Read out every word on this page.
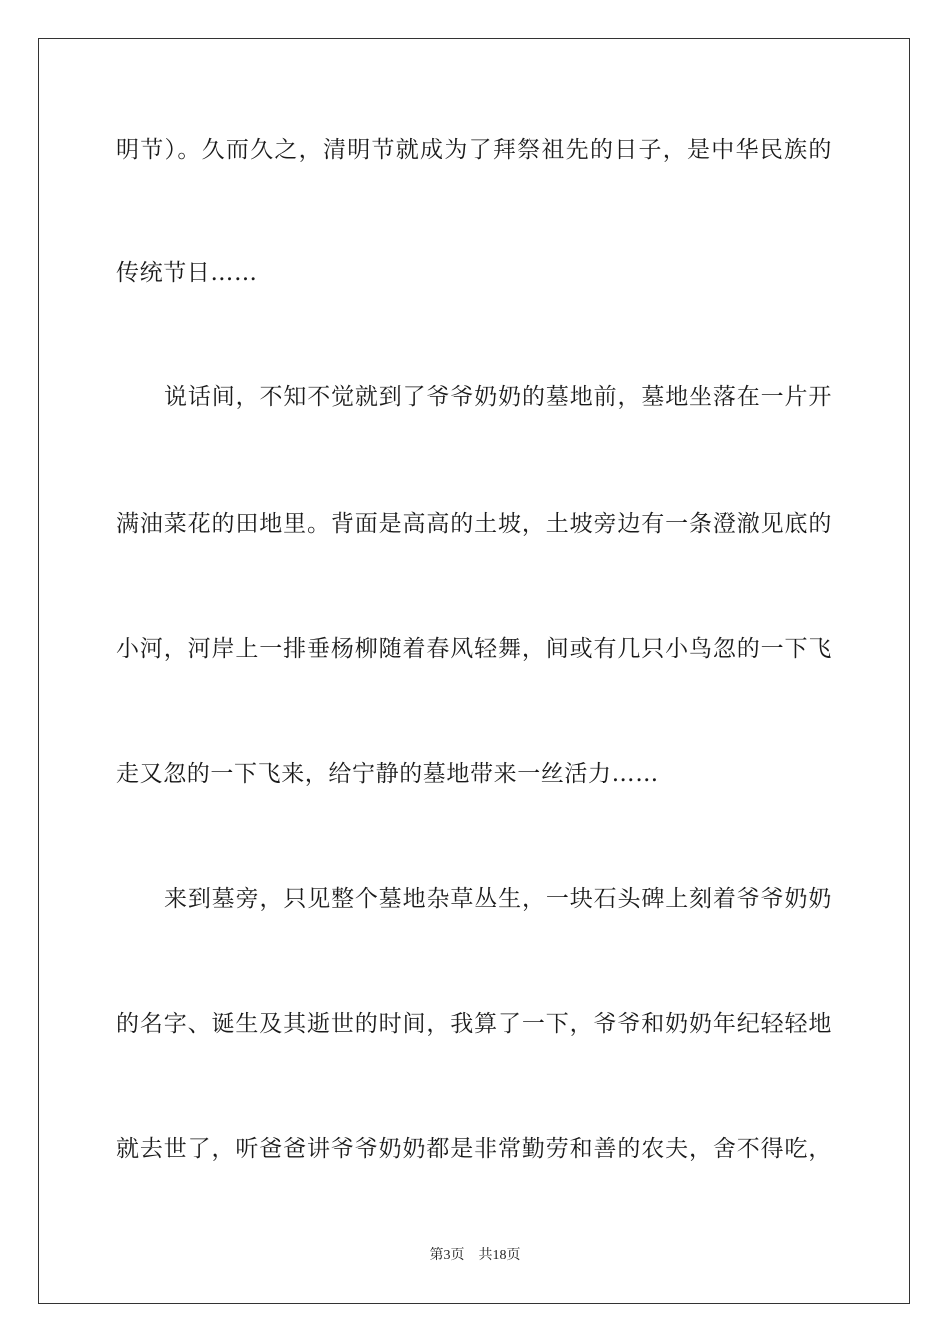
明节）。久而久之，清明节就成为了拜祭祖先的日子，是中华民族的
传统节日……
说话间，不知不觉就到了爷爷奶奶的墓地前，墓地坐落在一片开
满油菜花的田地里。背面是高高的土坡，土坡旁边有一条澄澈见底的
小河，河岸上一排垂杨柳随着春风轻舞，间或有几只小鸟忽的一下飞
走又忽的一下飞来，给宁静的墓地带来一丝活力……
来到墓旁，只见整个墓地杂草丛生，一块石头碑上刻着爷爷奶奶
的名字、诞生及其逝世的时间，我算了一下，爷爷和奶奶年纪轻轻地
就去世了，听爸爸讲爷爷奶奶都是非常勤劳和善的农夫，舍不得吃，
第3页 共18页
